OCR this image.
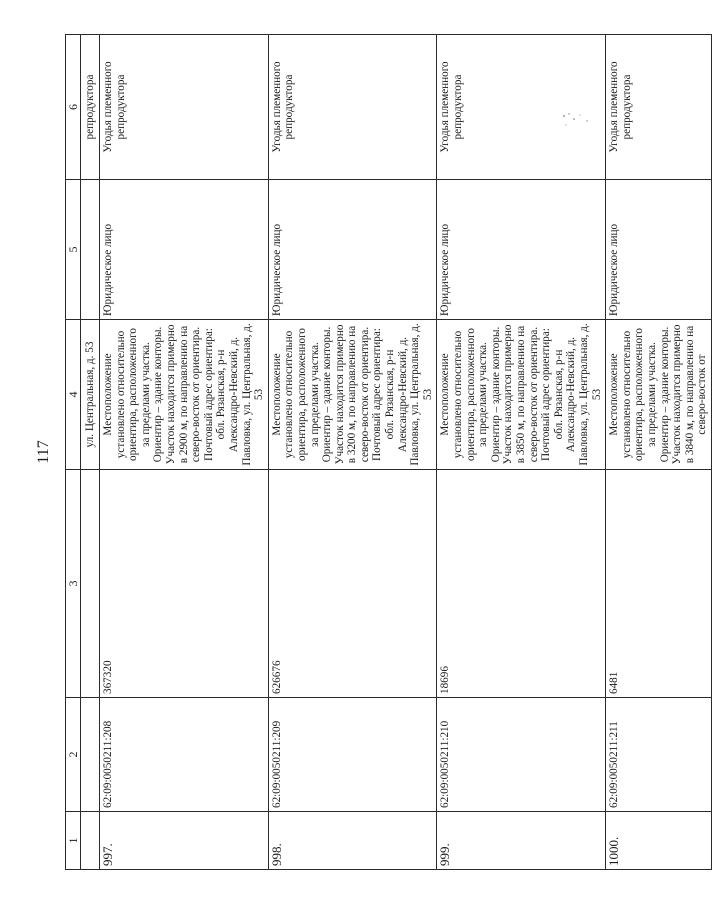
117
1	2	3	4	5	6
			ул. Центральная, д. 53		репродуктора
997.	62:09:0050211:208	367320	Местоположение установлено относительно ориентира, расположенного за пределами участка. Ориентир – здание конторы. Участок находится примерно в 2900 м, по направлению на северо-восток от ориентира. Почтовый адрес ориентира: обл. Рязанская, р-н Александро-Невский, д. Павловка, ул. Центральная, д. 53	Юридическое лицо	Угодья племенного репродуктора
998.	62:09:0050211:209	626676	Местоположение установлено относительно ориентира, расположенного за пределами участка. Ориентир – здание конторы. Участок находится примерно в 3200 м, по направлению на северо-восток от ориентира. Почтовый адрес ориентира: обл. Рязанская, р-н Александро-Невский, д. Павловка, ул. Центральная, д. 53	Юридическое лицо	Угодья племенного репродуктора
999.	62:09:0050211:210	18696	Местоположение установлено относительно ориентира, расположенного за пределами участка. Ориентир – здание конторы. Участок находится примерно в 3850 м, по направлению на северо-восток от ориентира. Почтовый адрес ориентира: обл. Рязанская, р-н Александро-Невский, д. Павловка, ул. Центральная, д. 53	Юридическое лицо	Угодья племенного репродуктора
1000.	62:09:0050211:211	6481	Местоположение установлено относительно ориентира, расположенного за пределами участка. Ориентир – здание конторы. Участок находится примерно в 3840 м, по направлению на северо-восток от	Юридическое лицо	Угодья племенного репродуктора
